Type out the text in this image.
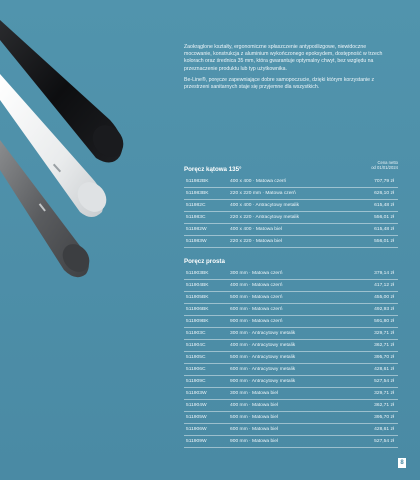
Zaokrąglone kształty, ergonomiczne spłaszczenie antypoślizgowe, niewidoczne mocowanie, konstrukcja z aluminium wykończonego epoksydem, dostępność w trzech kolorach oraz średnica 35 mm, która gwarantuje optymalny chwyt, bez względu na przeznaczenie produktu lub typ użytkownika.

Be-Line®, poręcze zapewniające dobre samopoczucie, dzięki którym korzystanie z przestrzeni sanitarnych staje się przyjemne dla wszystkich.

Poręcz kątowa 135°
Cena netto
od 01/01/2024
511982BK	400 x 400 · Matowa czerń	707,79 zł
511983BK	220 x 220 mm · Matowa czerń	626,10 zł
511982C	400 x 400 · Antracytowy metalik	615,48 zł
511983C	220 x 220 · Antracytowy metalik	556,01 zł
511982W	400 x 400 · Matowa biel	615,48 zł
511983W	220 x 220 · Matowa biel	556,01 zł
Poręcz prosta
511903BK	300 mm · Matowa czerń	379,14 zł
511904BK	400 mm · Matowa czerń	417,12 zł
511905BK	500 mm · Matowa czerń	455,00 zł
511906BK	600 mm · Matowa czerń	492,93 zł
511909BK	900 mm · Matowa czerń	591,80 zł
511903C	300 mm · Antracytowy metalik	329,71 zł
511904C	400 mm · Antracytowy metalik	362,71 zł
511905C	500 mm · Antracytowy metalik	395,70 zł
511906C	600 mm · Antracytowy metalik	428,61 zł
511909C	900 mm · Antracytowy metalik	527,54 zł
511903W	300 mm · Matowa biel	329,71 zł
511904W	400 mm · Matowa biel	362,71 zł
511905W	500 mm · Matowa biel	395,70 zł
511906W	600 mm · Matowa biel	428,61 zł
511909W	900 mm · Matowa biel	527,54 zł
8
